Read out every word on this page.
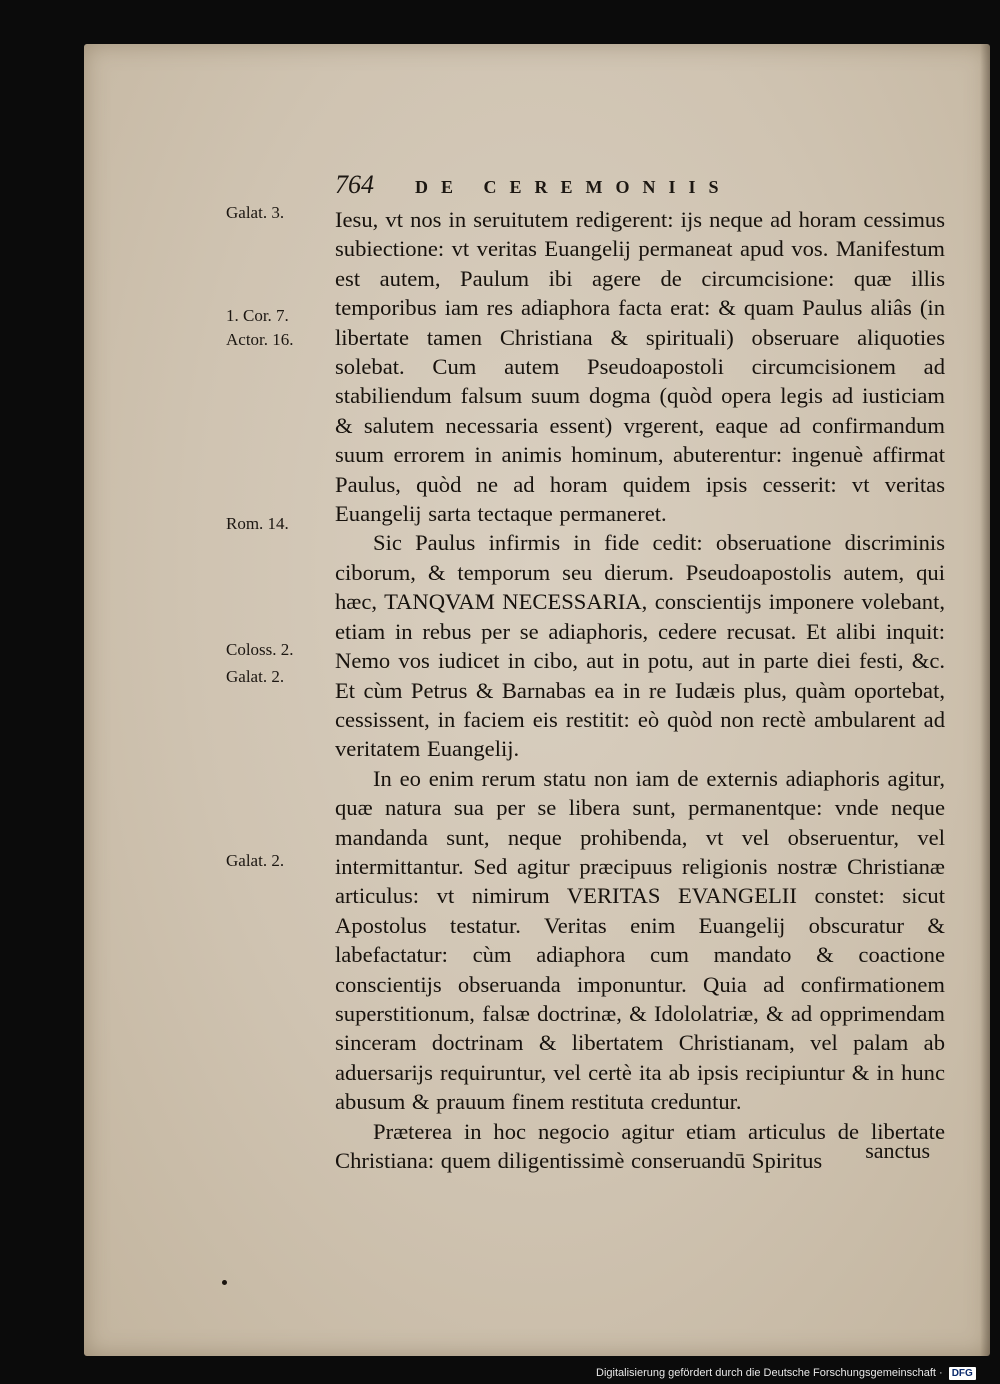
764	DE CEREMONIIS
Galat. 3.
1. Cor. 7.
Actor. 16.
Rom. 14.
Coloss. 2.
Galat. 2.
Galat. 2.

Iesu, vt nos in seruitutem redigerent: ijs neque ad horam cessimus subiectione: vt veritas Euangelij permaneat apud vos. Manifestum est autem, Paulum ibi agere de circumcisione: quæ illis temporibus iam res adiaphora facta erat: & quam Paulus aliâs (in libertate tamen Christiana & spirituali) obseruare aliquoties solebat. Cum autem Pseudoapostoli circumcisionem ad stabiliendum falsum suum dogma (quòd opera legis ad iusticiam & salutem necessaria essent) vrgerent, eaque ad confirmandum suum errorem in animis hominum, abuterentur: ingenuè affirmat Paulus, quòd ne ad horam quidem ipsis cesserit: vt veritas Euangelij sarta tectaque permaneret.

Sic Paulus infirmis in fide cedit: obseruatione discriminis ciborum, & temporum seu dierum. Pseudoapostolis autem, qui hæc, TANQVAM NECESSARIA, conscientijs imponere volebant, etiam in rebus per se adiaphoris, cedere recusat. Et alibi inquit: Nemo vos iudicet in cibo, aut in potu, aut in parte diei festi, &c. Et cùm Petrus & Barnabas ea in re Iudæis plus, quàm oportebat, cessissent, in faciem eis restitit: eò quòd non rectè ambularent ad veritatem Euangelij.

In eo enim rerum statu non iam de externis adiaphoris agitur, quæ natura sua per se libera sunt, permanentque: vnde neque mandanda sunt, neque prohibenda, vt vel obseruentur, vel intermittantur. Sed agitur præcipuus religionis nostræ Christianæ articulus: vt nimirum VERITAS EVANGELII constet: sicut Apostolus testatur. Veritas enim Euangelij obscuratur & labefactatur: cùm adiaphora cum mandato & coactione conscientijs obseruanda imponuntur. Quia ad confirmationem superstitionum, falsæ doctrinæ, & Idololatriæ, & ad opprimendam sinceram doctrinam & libertatem Christianam, vel palam ab aduersarijs requiruntur, vel certè ita ab ipsis recipiuntur & in hunc abusum & prauum finem restituta creduntur.

Præterea in hoc negocio agitur etiam articulus de libertate Christiana: quem diligentissimè conseruandū Spiritus	sanctus
Digitalisierung gefördert durch die Deutsche Forschungsgemeinschaft · DFG
